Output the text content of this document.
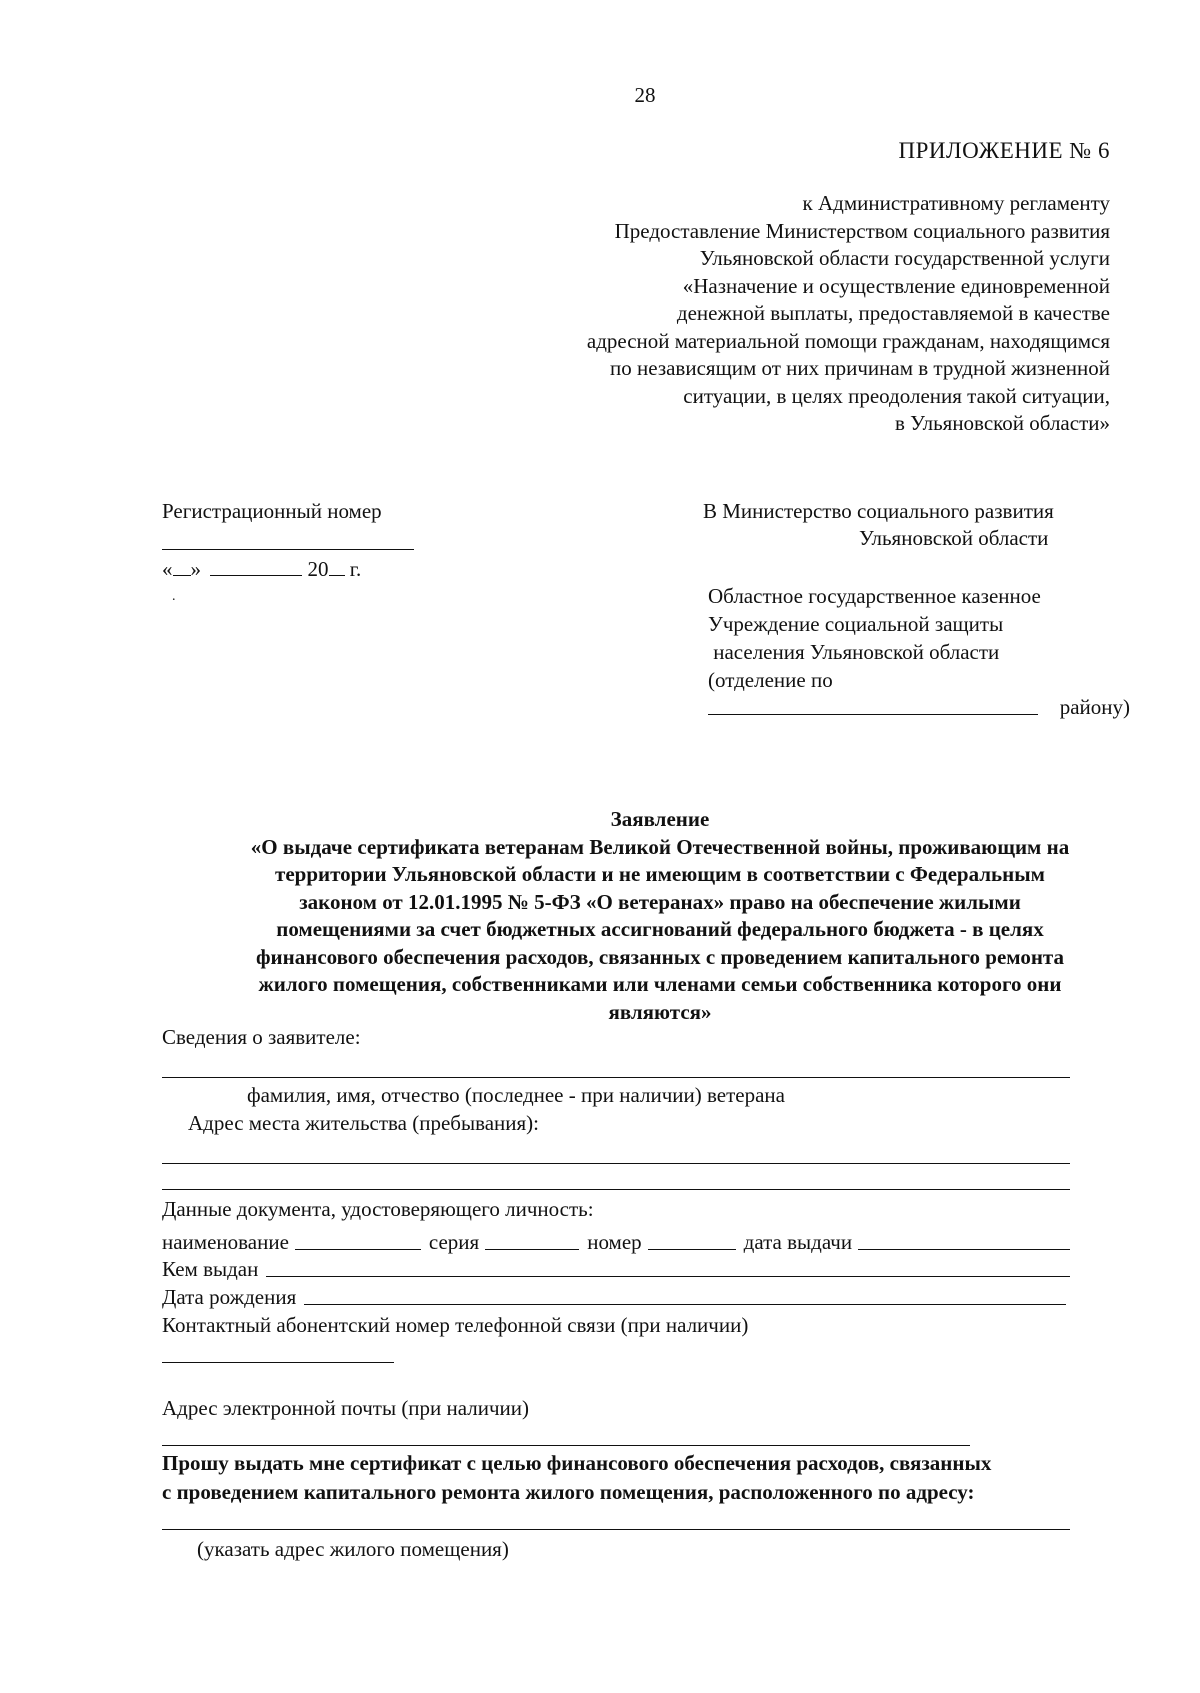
28
ПРИЛОЖЕНИЕ № 6
к Административному регламенту
Предоставление Министерством социального развития
Ульяновской области государственной услуги
«Назначение и осуществление единовременной
денежной выплаты, предоставляемой в качестве
адресной материальной помощи гражданам, находящимся
по независящим от них причинам в трудной жизненной
ситуации, в целях преодоления такой ситуации,
в Ульяновской области»
Регистрационный номер
« »	20 г.
.
В Министерство социального развития
Ульяновской области
Областное государственное казенное
Учреждение социальной защиты
населения Ульяновской области
(отделение по
району)
Заявление
«О выдаче сертификата ветеранам Великой Отечественной войны, проживающим на
территории Ульяновской области и не имеющим в соответствии с Федеральным
законом от 12.01.1995 № 5-ФЗ «О ветеранах» право на обеспечение жилыми
помещениями за счет бюджетных ассигнований федерального бюджета - в целях
финансового обеспечения расходов, связанных с проведением капитального ремонта
жилого помещения, собственниками или членами семьи собственника которого они
являются»
Сведения о заявителе:
фамилия, имя, отчество (последнее - при наличии) ветерана
Адрес места жительства (пребывания):
Данные документа, удостоверяющего личность:
наименование	серия	номер	дата выдачи
Кем выдан
Дата рождения
Контактный абонентский номер телефонной связи (при наличии)
Адрес электронной почты (при наличии)
Прошу выдать мне сертификат с целью финансового обеспечения расходов, связанных
с проведением капитального ремонта жилого помещения, расположенного по адресу:
(указать адрес жилого помещения)
